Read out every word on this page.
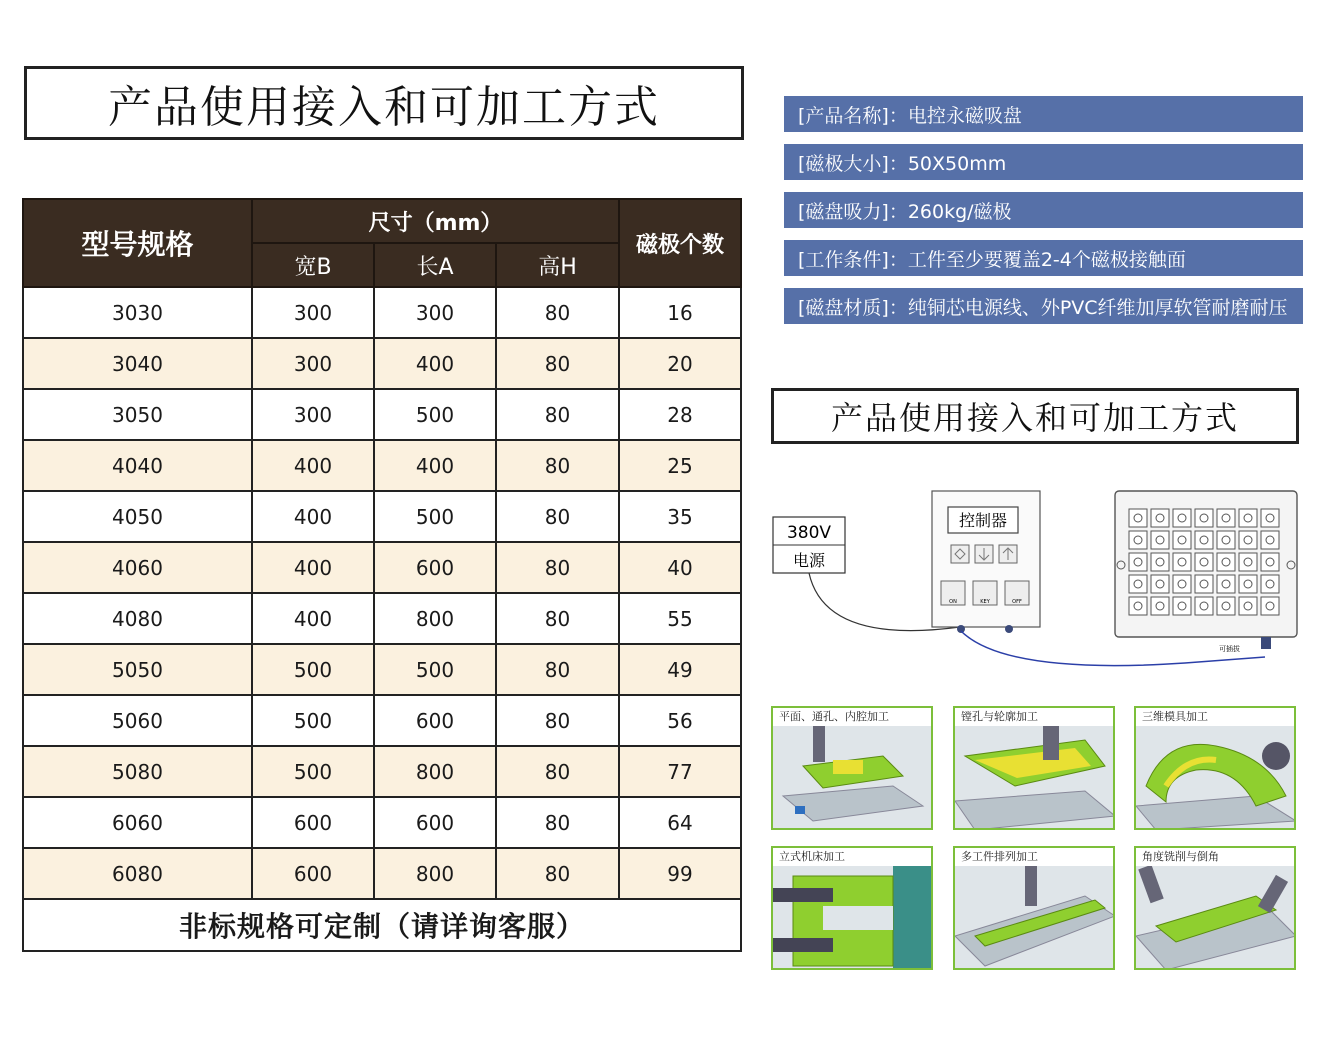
产品使用接入和可加工方式
型号规格	尺寸（mm）			磁极个数
	宽B	长A	高H	
3030	300	300	80	16
3040	300	400	80	20
3050	300	500	80	28
4040	400	400	80	25
4050	400	500	80	35
4060	400	600	80	40
4080	400	800	80	55
5050	500	500	80	49
5060	500	600	80	56
5080	500	800	80	77
6060	600	600	80	64
6080	600	800	80	99
非标规格可定制（请详询客服）				
[产品名称]：电控永磁吸盘
[磁极大小]：50X50mm
[磁盘吸力]：260kg/磁极
[工作条件]：工件至少要覆盖2-4个磁极接触面
[磁盘材质]：纯铜芯电源线、外PVC纤维加厚软管耐磨耐压
产品使用接入和可加工方式
380V
电源
控制器
ON	KEY	OFF
可插拔
平面、通孔、内腔加工	镗孔与轮廓加工	三维模具加工
立式机床加工	多工件排列加工	角度铣削与倒角
